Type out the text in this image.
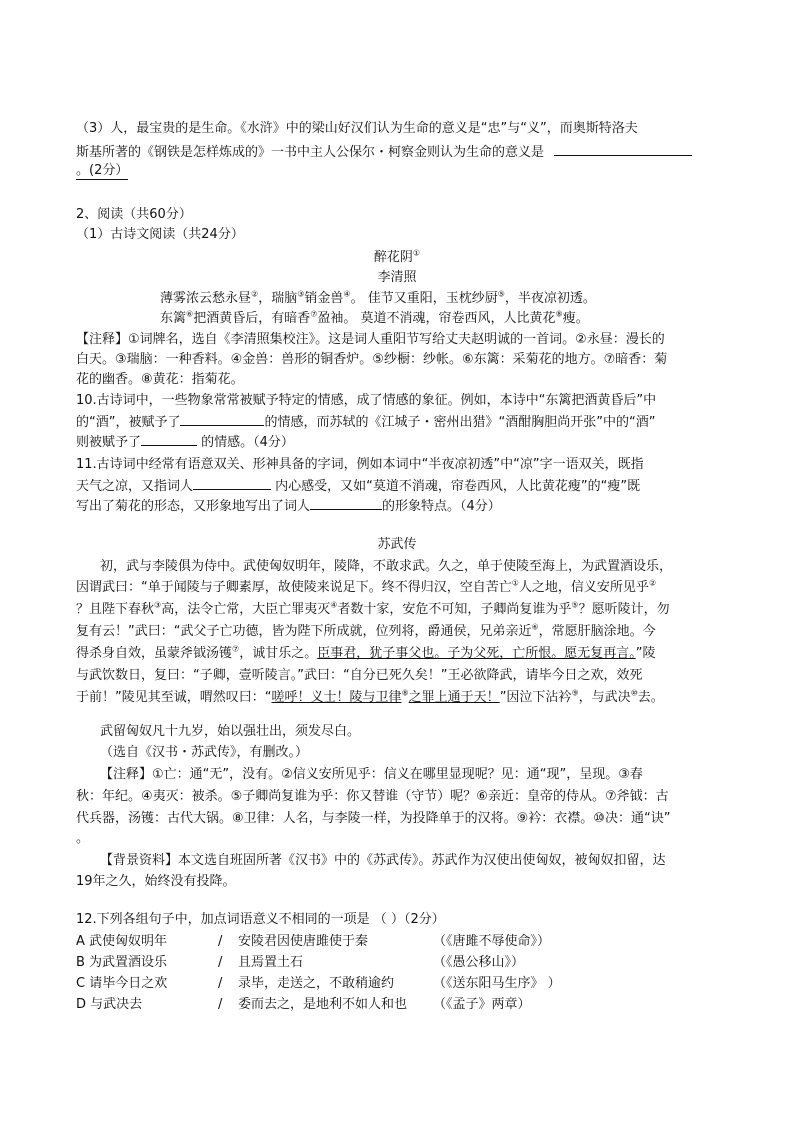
（3）人，最宝贵的是生命。《水浒》中的梁山好汉们认为生命的意义是“忠”与“义”，而奥斯特洛夫
斯基所著的《钢铁是怎样炼成的》一书中主人公保尔・柯察金则认为生命的意义是
。(2分）
2、阅读（共60分）
（1）古诗文阅读（共24分）
醉花阴①
李清照
薄雾浓云愁永昼②，瑞脑③销金兽④。 佳节又重阳，玉枕纱厨⑤，半夜凉初透。
东篱⑥把酒黄昏后，有暗香⑦盈袖。 莫道不消魂，帘卷西风，人比黄花⑧瘦。
【注释】①词牌名，选自《李清照集校注》。这是词人重阳节写给丈夫赵明诚的一首词。②永昼：漫长的
白天。③瑞脑：一种香料。④金兽：兽形的铜香炉。⑤纱橱：纱帐。⑥东篱：采菊花的地方。⑦暗香：菊
花的幽香。⑧黄花：指菊花。
10.古诗词中，一些物象常常被赋予特定的情感，成了情感的象征。例如，本诗中“东篱把酒黄昏后”中
的“酒”，被赋予了	的情感，而苏轼的《江城子・密州出猎》“酒酣胸胆尚开张”中的“酒”
则被赋予了	的情感。（4分）
11.古诗词中经常有语意双关、形神具备的字词，例如本词中“半夜凉初透”中“凉”字一语双关，既指
天气之凉，又指词人	内心感受，又如“莫道不消魂，帘卷西风，人比黄花瘦”的“瘦”既
写出了菊花的形态，又形象地写出了词人	的形象特点。（4分）
苏武传
初，武与李陵俱为侍中。武使匈奴明年，陵降，不敢求武。久之，单于使陵至海上，为武置酒设乐，
因谓武曰：“单于闻陵与子卿素厚，故使陵来说足下。终不得归汉，空自苦亡①人之地，信义安所见乎②
？且陛下春秋③高，法令亡常，大臣亡罪夷灭④者数十家，安危不可知，子卿尚复谁为乎⑤？愿听陵计，勿
复有云！”武曰：“武父子亡功德，皆为陛下所成就，位列将，爵通侯，兄弟亲近⑥，常愿肝脑涂地。今
得杀身自效，虽蒙斧钺汤镬⑦，诚甘乐之。臣事君，犹子事父也。子为父死，亡所恨。愿无复再言。”陵
与武饮数日，复曰：“子卿，壹听陵言。”武曰：“自分已死久矣！”王必欲降武，请毕今日之欢，效死
于前！”陵见其至诚，喟然叹曰：“嗟呼！义士！陵与卫律⑧之罪上通于天！”因泣下沾衿⑨，与武决⑩去。
武留匈奴凡十九岁，始以强壮出，须发尽白。
（选自《汉书・苏武传》，有删改。）
【注释】①亡：通“无”，没有。②信义安所见乎：信义在哪里显现呢？见：通“现”，呈现。③春
秋：年纪。④夷灭：被杀。⑤子卿尚复谁为乎：你又替谁（守节）呢？⑥亲近：皇帝的侍从。⑦斧钺：古
代兵器，汤镬：古代大锅。⑧卫律：人名，与李陵一样，为投降单于的汉将。⑨衿：衣襟。⑩决：通“诀”
。
【背景资料】本文选自班固所著《汉书》中的《苏武传》。苏武作为汉使出使匈奴，被匈奴扣留，达
19年之久，始终没有投降。
12.下列各组句子中，加点词语意义不相同的一项是 （ ）（2分）
A 武使匈奴明年	/ 安陵君因使唐雎使于秦	（《唐雎不辱使命》）
B 为武置酒设乐	/ 且焉置土石	（《愚公移山》）
C 请毕今日之欢	/ 录毕，走送之，不敢稍逾约	（《送东阳马生序》 ）
D 与武决去	/ 委而去之，是地利不如人和也 （《孟子》两章）
